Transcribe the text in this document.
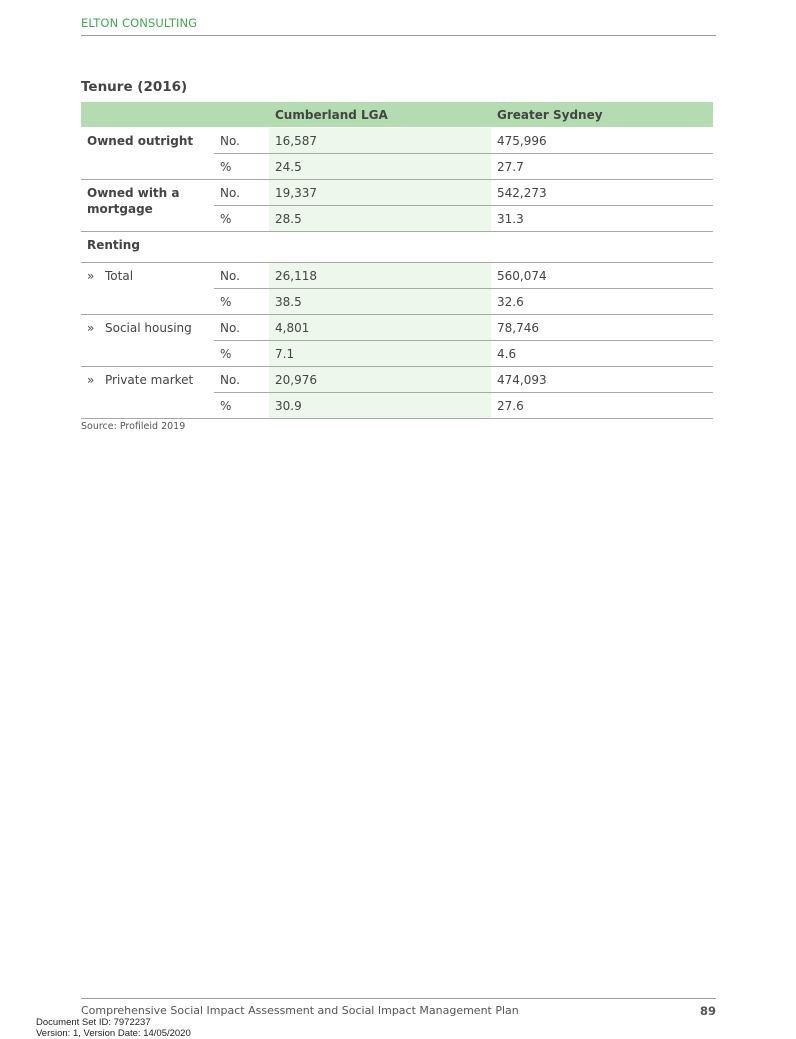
ELTON CONSULTING
Tenure (2016)
		Cumberland LGA	Greater Sydney
Owned outright	No.	16,587	475,996
	%	24.5	27.7
Owned with a mortgage	No.	19,337	542,273
	%	28.5	31.3
Renting			
» Total	No.	26,118	560,074
	%	38.5	32.6
» Social housing	No.	4,801	78,746
	%	7.1	4.6
» Private market	No.	20,976	474,093
	%	30.9	27.6
Source: Profileid 2019
Comprehensive Social Impact Assessment and Social Impact Management Plan	89
Document Set ID: 7972237
Version: 1, Version Date: 14/05/2020
